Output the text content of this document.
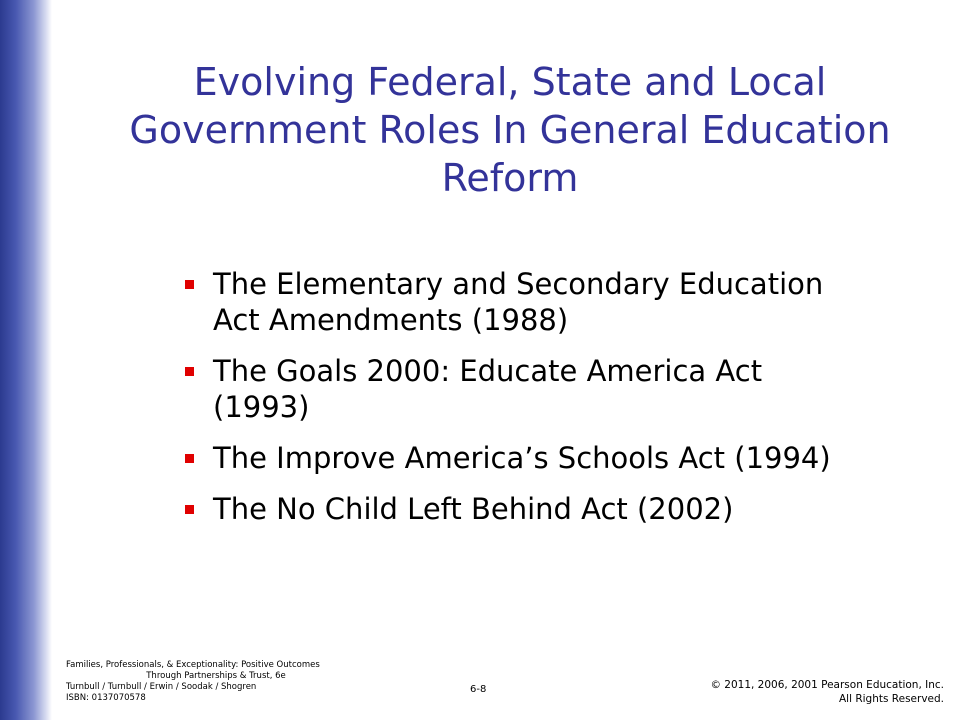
Evolving Federal, State and Local
Government Roles In General Education
Reform
The Elementary and Secondary Education
Act Amendments (1988)
The Goals 2000: Educate America Act
(1993)
The Improve America’s Schools Act (1994)
The No Child Left Behind Act (2002)
Families, Professionals, & Exceptionality: Positive Outcomes
Through Partnerships & Trust, 6e
Turnbull / Turnbull / Erwin / Soodak / Shogren
ISBN: 0137070578
6-8	© 2011, 2006, 2001 Pearson Education, Inc.
All Rights Reserved.
